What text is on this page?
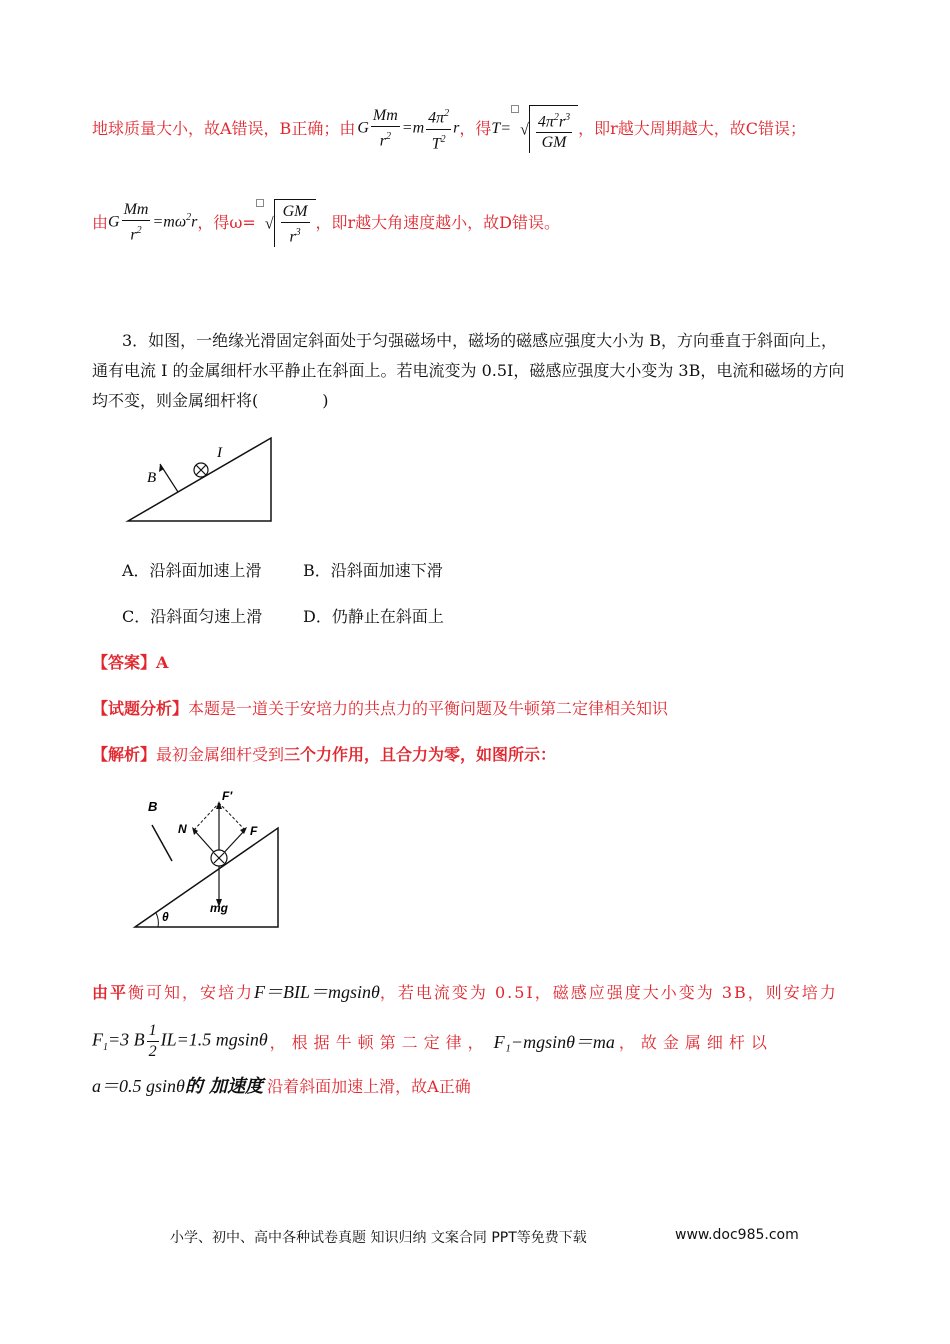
地球质量大小，故A错误，B正确；由 G $\frac{Mm}{r^2} =m \frac{4\pi^2}{T^2}$ r ，得 T= √ $\frac{4\pi^2r^3}{GM}$ ，即r越大周期越大，故C错误；
由 G $\frac{Mm}{r^2} =m\omega^2r$ ，得ω= √ $\frac{GM}{r^3}$ ，即r越大角速度越小，故D错误。
3．如图，一绝缘光滑固定斜面处于匀强磁场中，磁场的磁感应强度大小为 B，方向垂直于斜面向上，
通有电流 I 的金属细杆水平静止在斜面上。若电流变为 0.5I，磁感应强度大小变为 3B，电流和磁场的方向
均不变，则金属细杆将(　　　　)
B
I
A．沿斜面加速上滑	B．沿斜面加速下滑
C．沿斜面匀速上滑	D．仍静止在斜面上
【答案】A
【试题分析】本题是一道关于安培力的共点力的平衡问题及牛顿第二定律相关知识
【解析】最初金属细杆受到三个力作用，且合力为零，如图所示：
B
F′
N	F
mg
θ
由平衡可知，安培力F＝BIL＝mgsinθ，若电流变为 0.5I，磁感应强度大小变为 3B，则安培力
$F_1=3$ B $\frac{1}{2} IL=1.5$ mgsinθ ，根据牛顿第二定律， F₁−mgsinθ＝ma ，故金属细杆以
a＝0.5 gsinθ的 加速度 沿着斜面加速上滑，故A正确
小学、初中、高中各种试卷真题 知识归纳 文案合同 PPT等免费下载	www.doc985.com
